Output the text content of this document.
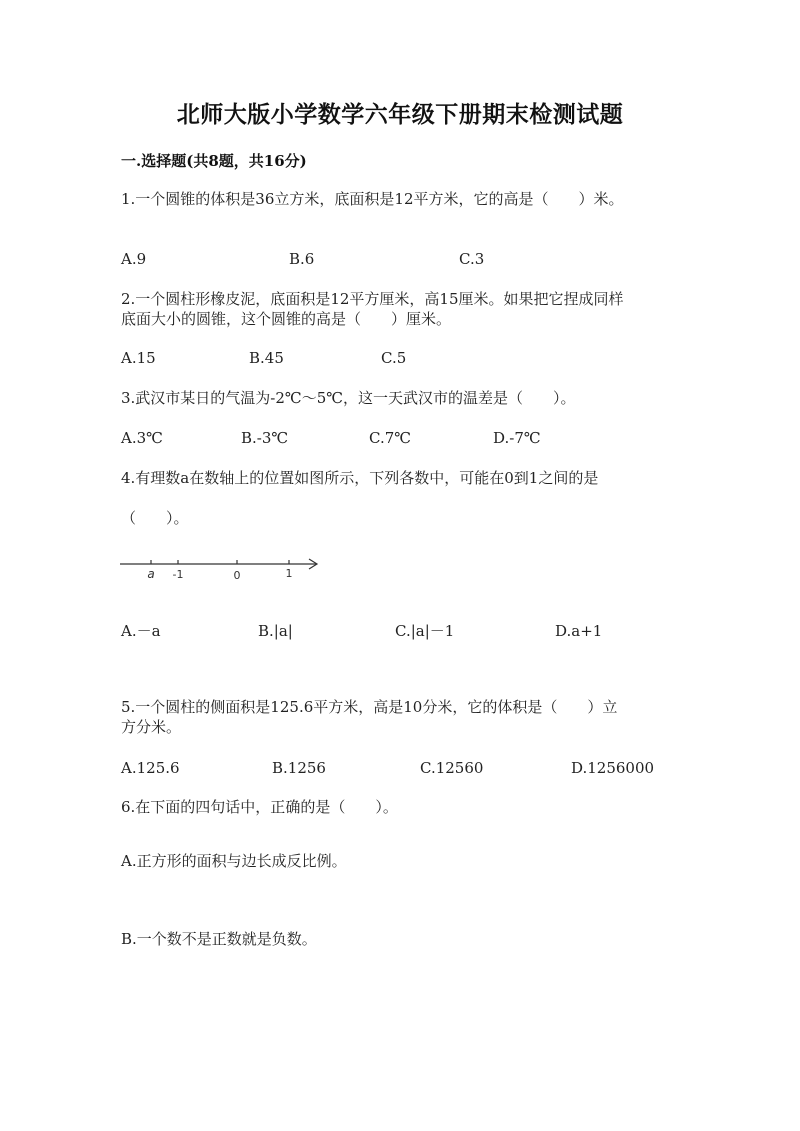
北师大版小学数学六年级下册期末检测试题
一.选择题(共8题，共16分)
1.一个圆锥的体积是36立方米，底面积是12平方米，它的高是（　　）米。
A.9	B.6	C.3
2.一个圆柱形橡皮泥，底面积是12平方厘米，高15厘米。如果把它捏成同样
底面大小的圆锥，这个圆锥的高是（　　）厘米。
A.15	B.45	C.5
3.武汉市某日的气温为-2℃～5℃，这一天武汉市的温差是（　　）。
A.3℃	B.-3℃	C.7℃	D.-7℃
4.有理数a在数轴上的位置如图所示，下列各数中，可能在0到1之间的是
（　　）。
a -1	0	1
A.－a	B.|a|	C.|a|－1	D.a+1
5.一个圆柱的侧面积是125.6平方米，高是10分米，它的体积是（　　）立
方分米。
A.125.6	B.1256	C.12560	D.1256000
6.在下面的四句话中，正确的是（　　）。
A.正方形的面积与边长成反比例。
B.一个数不是正数就是负数。
